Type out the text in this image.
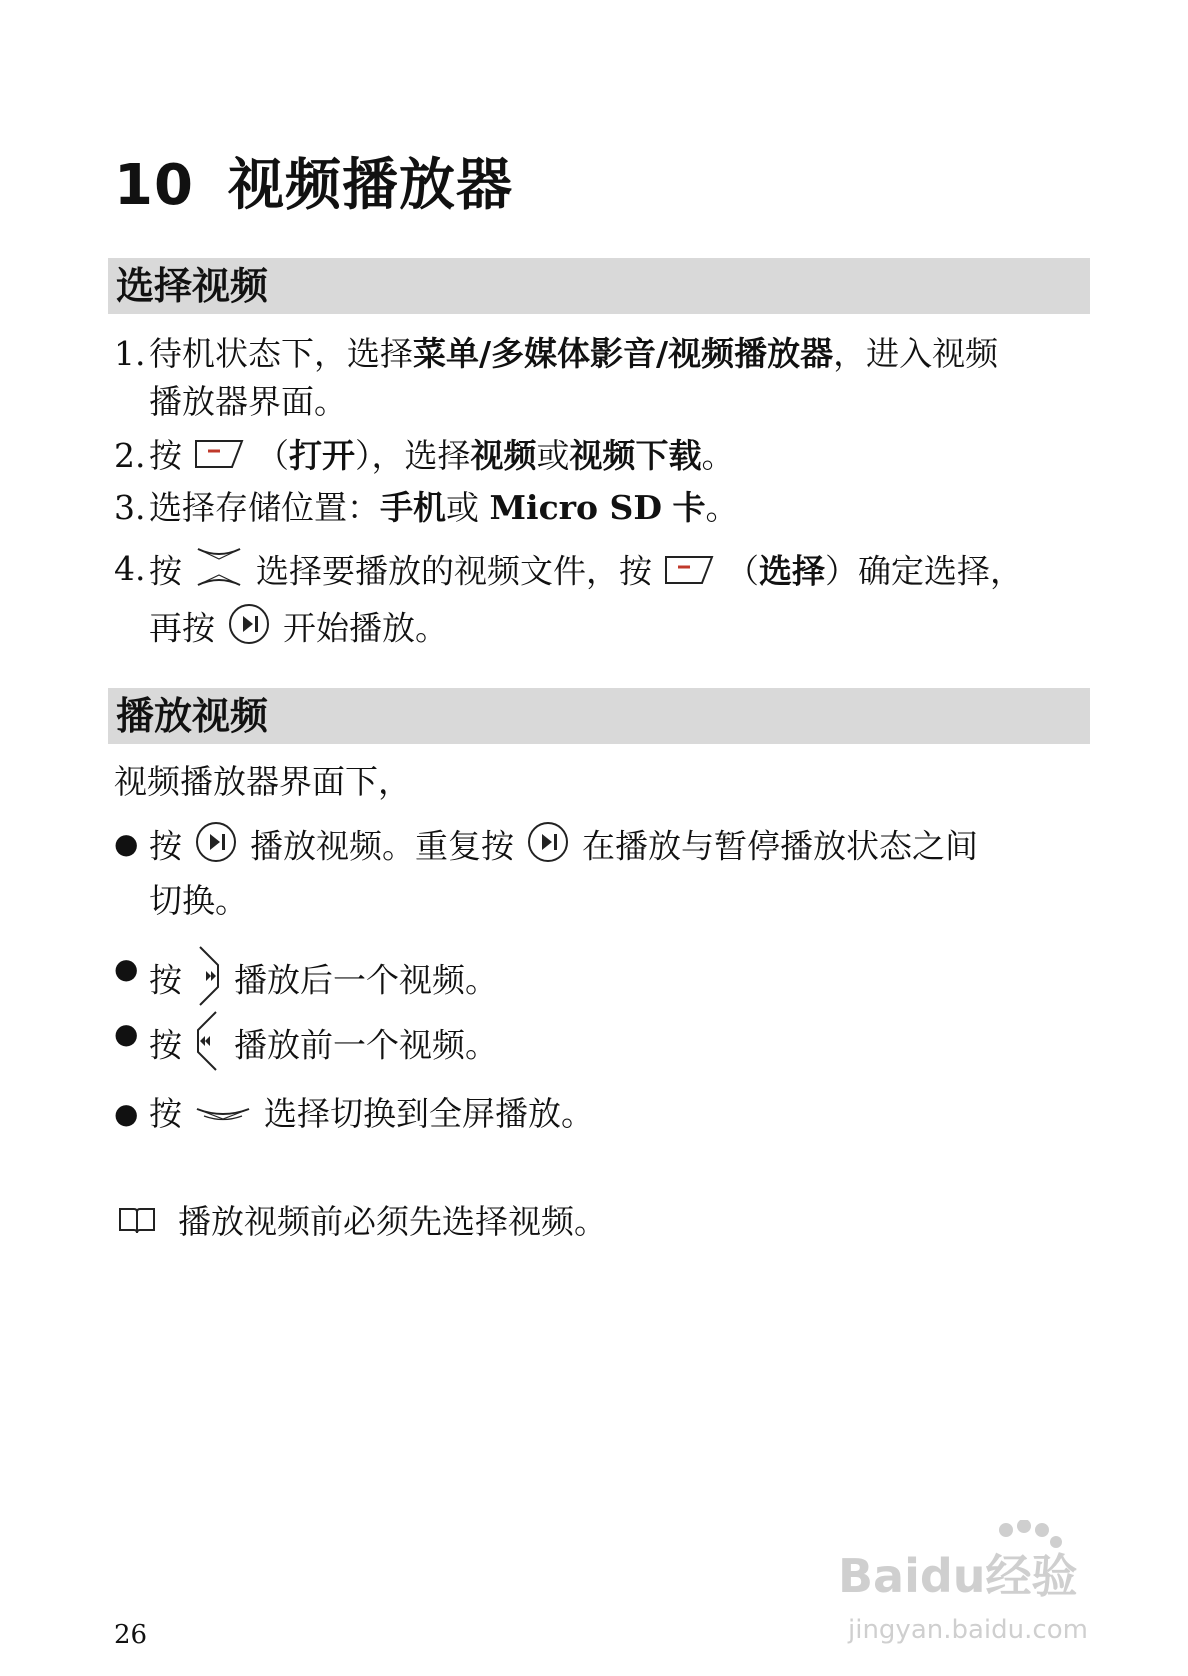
10 视频播放器
选择视频

1. 待机状态下，选择菜单/多媒体影音/视频播放器，进入视频
播放器界面。

2. 按 （打开），选择视频或视频下载。

3. 选择存储位置：手机或 Micro SD 卡。

4. 按 选择要播放的视频文件，按 （选择）确定选择，
再按 开始播放。

播放视频

视频播放器界面下，

● 按 播放视频。重复按 在播放与暂停播放状态之间
切换。

● 按 播放后一个视频。

● 按 播放前一个视频。

● 按 选择切换到全屏播放。

播放视频前必须先选择视频。
Baidu经验
jingyan.baidu.com
26
